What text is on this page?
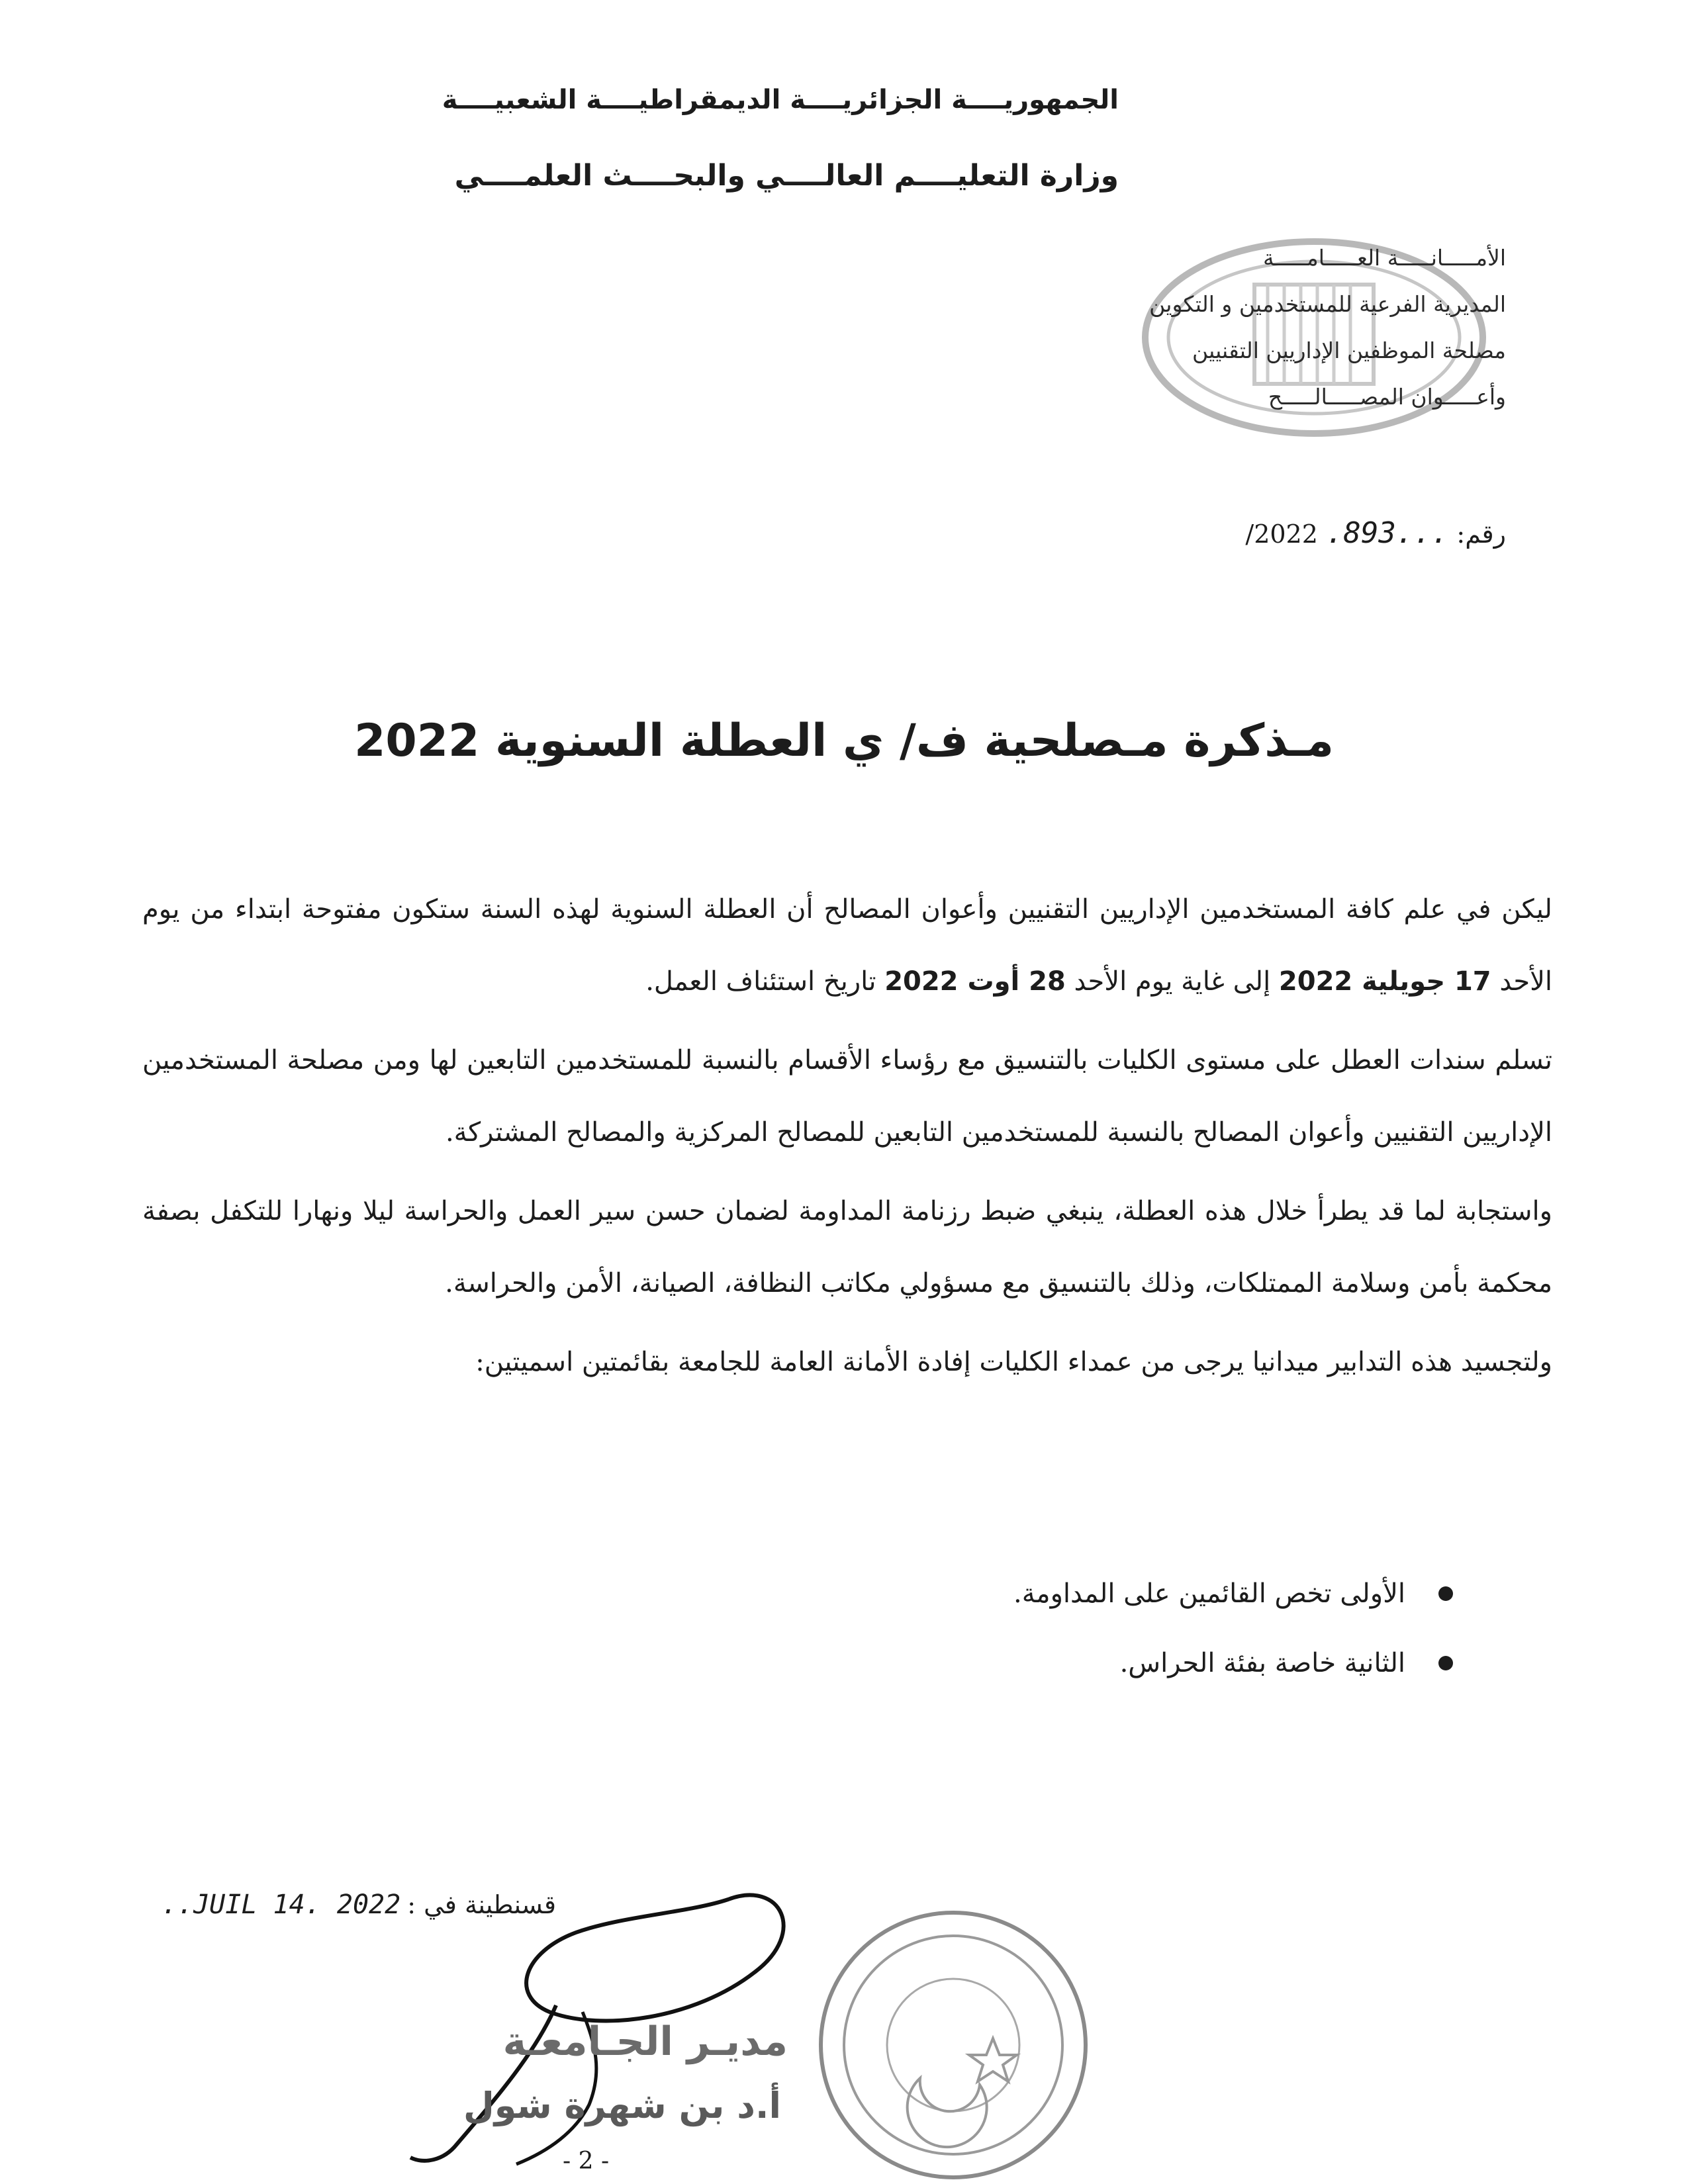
الجمهوريــــة الجزائريــــة الديمقراطيــــة الشعبيــــة
وزارة التعليــــم العالــــي والبحــــث العلمــــي
الأمـــــانـــــة العـــــامـــــة
المديرية الفرعية للمستخدمين و التكوين
مصلحة الموظفين الإداريين التقنيين
وأعـــــوان المصـــــالـــــح
رقم:
...893.
2022/
مـذكرة مـصلحية ف/ ي العطلة السنوية 2022

ليكن في علم كافة المستخدمين الإداريين التقنيين وأعوان المصالح أن العطلة السنوية لهذه السنة ستكون مفتوحة ابتداء من يوم الأحد 17 جويلية 2022 إلى غاية يوم الأحد 28 أوت 2022 تاريخ استئناف العمل.

تسلم سندات العطل على مستوى الكليات بالتنسيق مع رؤساء الأقسام بالنسبة للمستخدمين التابعين لها ومن مصلحة المستخدمين الإداريين التقنيين وأعوان المصالح بالنسبة للمستخدمين التابعين للمصالح المركزية والمصالح المشتركة.

واستجابة لما قد يطرأ خلال هذه العطلة، ينبغي ضبط رزنامة المداومة لضمان حسن سير العمل والحراسة ليلا ونهارا للتكفل بصفة محكمة بأمن وسلامة الممتلكات، وذلك بالتنسيق مع مسؤولي مكاتب النظافة، الصيانة، الأمن والحراسة.

ولتجسيد هذه التدابير ميدانيا يرجى من عمداء الكليات إفادة الأمانة العامة للجامعة بقائمتين اسميتين:

الأولى تخص القائمين على المداومة.
الثانية خاصة بفئة الحراس.
قسنطينة في :
2022 .14 JUIL..
مديـر الجـامعـة
أ.د بن شهرة شول
- 2 -
